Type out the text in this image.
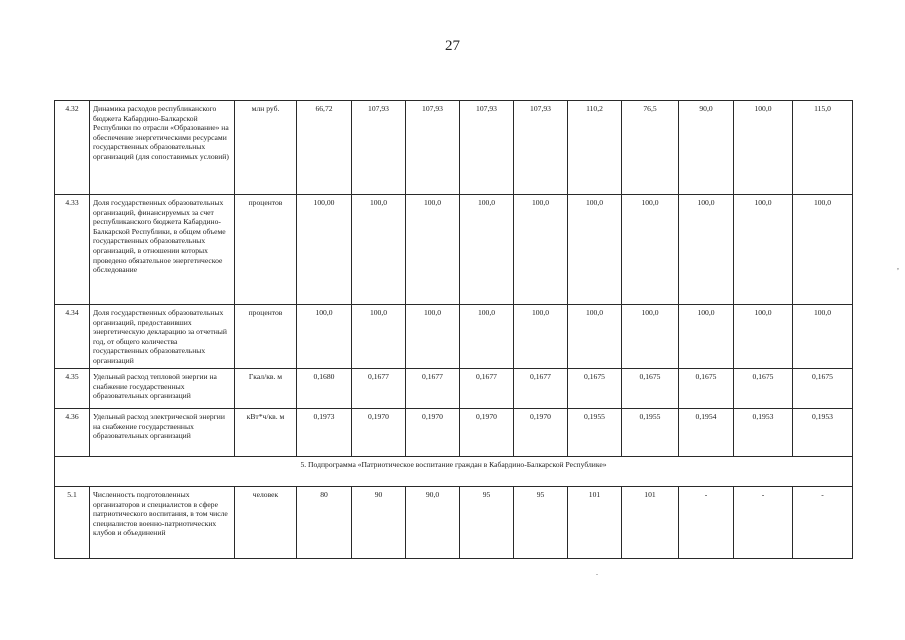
27
4.32	Динамика расходов республиканского бюджета Кабардино-Балкарской Республики по отрасли «Образование» на обеспечение энергетическими ресурсами государственных образовательных организаций (для сопоставимых условий)	млн руб.	66,72	107,93	107,93	107,93	107,93	110,2	76,5	90,0	100,0	115,0
4.33	Доля государственных образовательных организаций, финансируемых за счет республиканского бюджета Кабардино-Балкарской Республики, в общем объеме государственных образовательных организаций, в отношении которых проведено обязательное энергетическое обследование	процентов	100,00	100,0	100,0	100,0	100,0	100,0	100,0	100,0	100,0	100,0
4.34	Доля государственных образовательных организаций, предоставивших энергетическую декларацию за отчетный год, от общего количества государственных образовательных организаций	процентов	100,0	100,0	100,0	100,0	100,0	100,0	100,0	100,0	100,0	100,0
4.35	Удельный расход тепловой энергии на снабжение государственных образовательных организаций	Гкал/кв. м	0,1680	0,1677	0,1677	0,1677	0,1677	0,1675	0,1675	0,1675	0,1675	0,1675
4.36	Удельный расход электрической энергии на снабжение государственных образовательных организаций	кВт*ч/кв. м	0,1973	0,1970	0,1970	0,1970	0,1970	0,1955	0,1955	0,1954	0,1953	0,1953
5. Подпрограмма «Патриотическое воспитание граждан в Кабардино-Балкарской Республике»												
5.1	Численность подготовленных организаторов и специалистов в сфере патриотического воспитания, в том числе специалистов военно-патриотических клубов и объединений	человек	80	90	90,0	95	95	101	101	-	-	-
,
.
